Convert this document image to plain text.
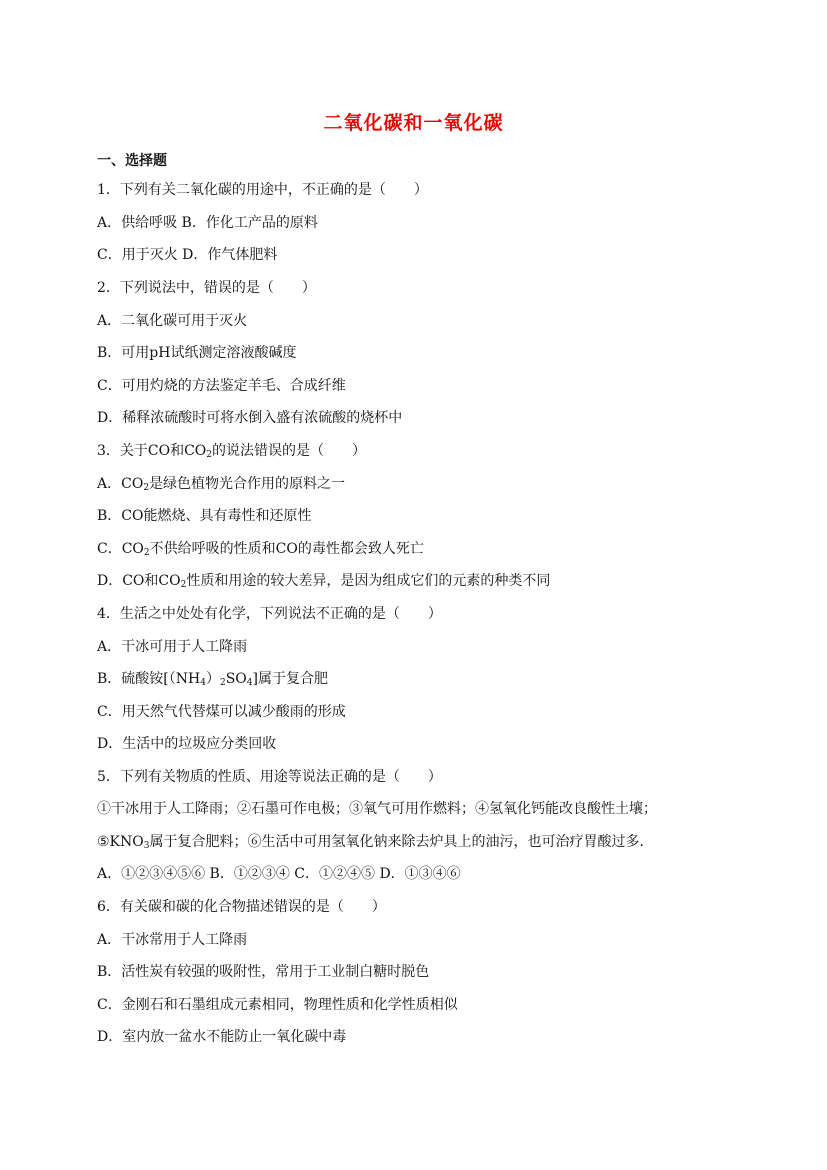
二氧化碳和一氧化碳
一、选择题
1．下列有关二氧化碳的用途中，不正确的是（　　）
A．供给呼吸 B．作化工产品的原料
C．用于灭火 D．作气体肥料
2．下列说法中，错误的是（　　）
A．二氧化碳可用于灭火
B．可用pH试纸测定溶液酸碱度
C．可用灼烧的方法鉴定羊毛、合成纤维
D．稀释浓硫酸时可将水倒入盛有浓硫酸的烧杯中
3．关于CO和$CO_2$的说法错误的是（　　）
A．$CO_2$是绿色植物光合作用的原料之一
B．CO能燃烧、具有毒性和还原性
C．$CO_2$不供给呼吸的性质和CO的毒性都会致人死亡
D．CO和$CO_2$性质和用途的较大差异，是因为组成它们的元素的种类不同
4．生活之中处处有化学，下列说法不正确的是（　　）
A．干冰可用于人工降雨
B．硫酸铵$[(NH_4)_2SO_4]$属于复合肥
C．用天然气代替煤可以减少酸雨的形成
D．生活中的垃圾应分类回收
5．下列有关物质的性质、用途等说法正确的是（　　）
①干冰用于人工降雨；②石墨可作电极；③氧气可用作燃料；④氢氧化钙能改良酸性土壤；
$⑤KNO_3$属于复合肥料；⑥生活中可用氢氧化钠来除去炉具上的油污，也可治疗胃酸过多．
A．①②③④⑤⑥ B．①②③④ C．①②④⑤ D．①③④⑥
6．有关碳和碳的化合物描述错误的是（　　）
A．干冰常用于人工降雨
B．活性炭有较强的吸附性，常用于工业制白糖时脱色
C．金刚石和石墨组成元素相同，物理性质和化学性质相似
D．室内放一盆水不能防止一氧化碳中毒
